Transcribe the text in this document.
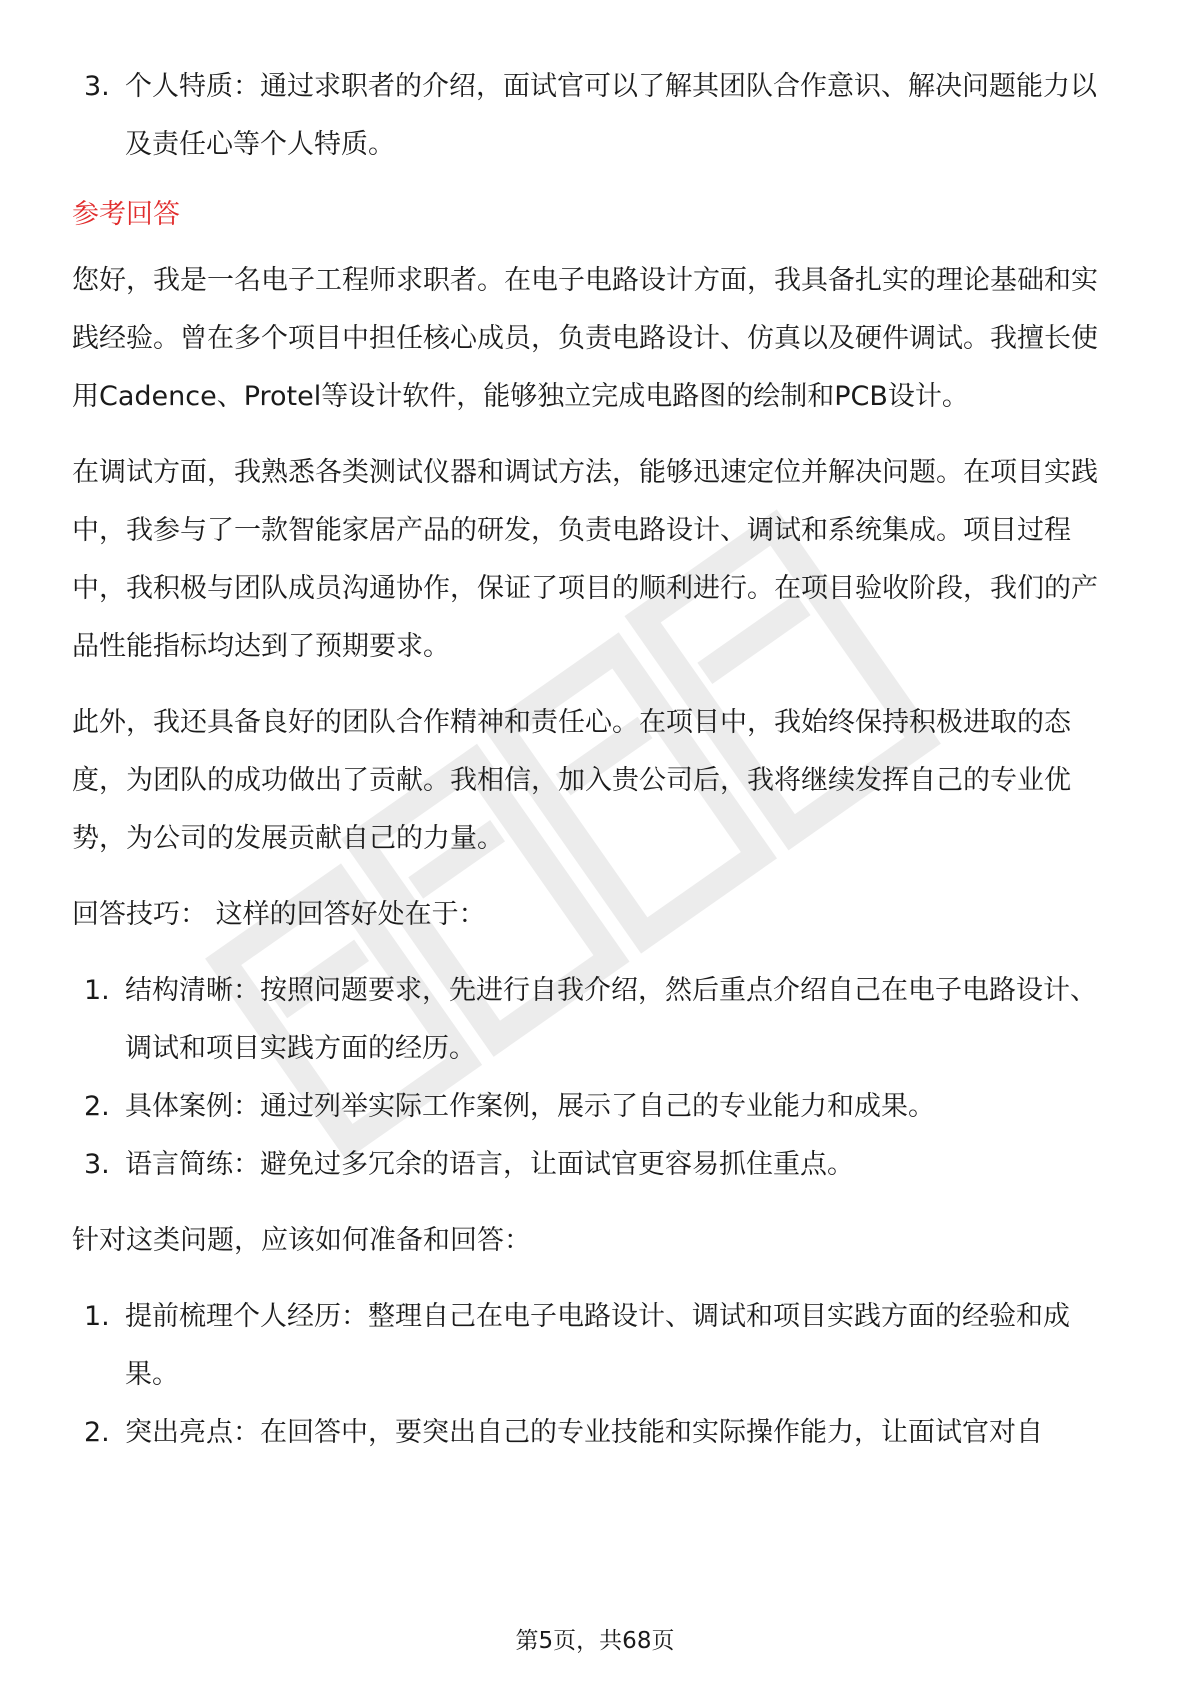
3. 个人特质：通过求职者的介绍，面试官可以了解其团队合作意识、解决问题能力以及责任心等个人特质。
参考回答

您好，我是一名电子工程师求职者。在电子电路设计方面，我具备扎实的理论基础和实践经验。曾在多个项目中担任核心成员，负责电路设计、仿真以及硬件调试。我擅长使用Cadence、Protel等设计软件，能够独立完成电路图的绘制和PCB设计。

在调试方面，我熟悉各类测试仪器和调试方法，能够迅速定位并解决问题。在项目实践中，我参与了一款智能家居产品的研发，负责电路设计、调试和系统集成。项目过程中，我积极与团队成员沟通协作，保证了项目的顺利进行。在项目验收阶段，我们的产品性能指标均达到了预期要求。

此外，我还具备良好的团队合作精神和责任心。在项目中，我始终保持积极进取的态度，为团队的成功做出了贡献。我相信，加入贵公司后，我将继续发挥自己的专业优势，为公司的发展贡献自己的力量。

回答技巧： 这样的回答好处在于：

1. 结构清晰：按照问题要求，先进行自我介绍，然后重点介绍自己在电子电路设计、调试和项目实践方面的经历。
2. 具体案例：通过列举实际工作案例，展示了自己的专业能力和成果。
3. 语言简练：避免过多冗余的语言，让面试官更容易抓住重点。

针对这类问题，应该如何准备和回答：

1. 提前梳理个人经历：整理自己在电子电路设计、调试和项目实践方面的经验和成果。
2. 突出亮点：在回答中，要突出自己的专业技能和实际操作能力，让面试官对自
第5页，共68页
